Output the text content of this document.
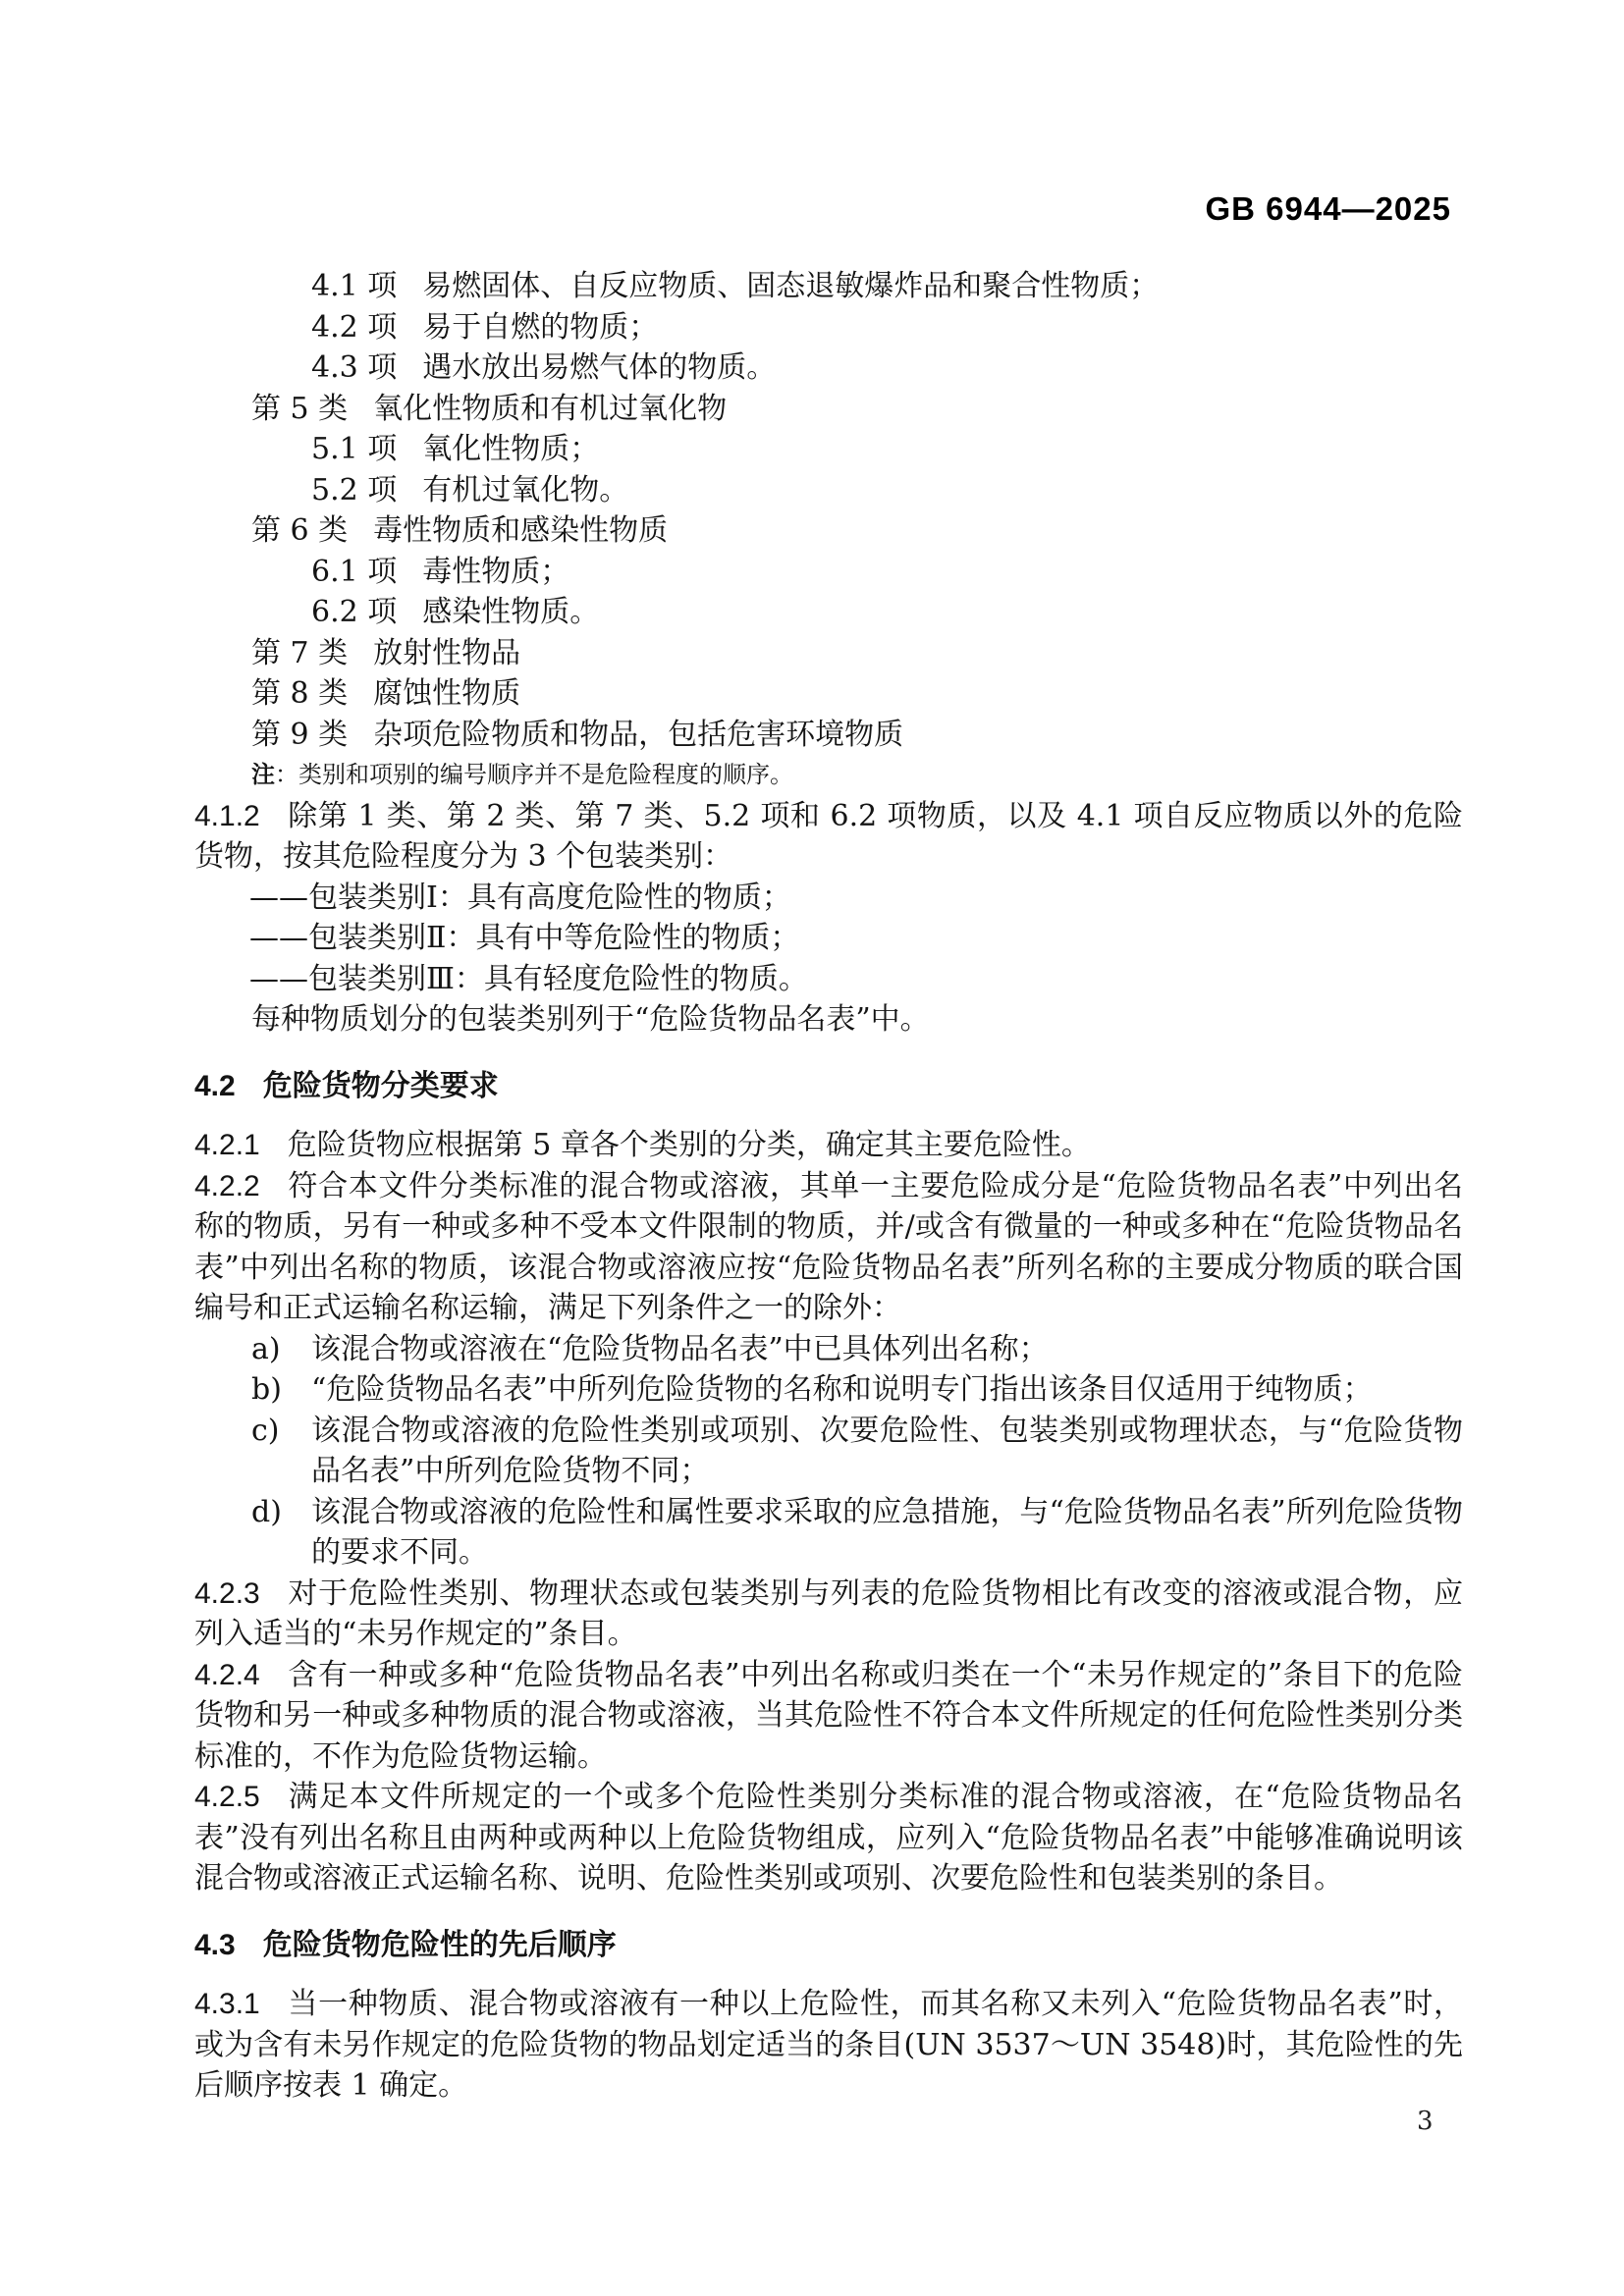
GB 6944—2025
4.1 项 易燃固体、自反应物质、固态退敏爆炸品和聚合性物质；
4.2 项 易于自燃的物质；
4.3 项 遇水放出易燃气体的物质。
第 5 类 氧化性物质和有机过氧化物
5.1 项 氧化性物质；
5.2 项 有机过氧化物。
第 6 类 毒性物质和感染性物质
6.1 项 毒性物质；
6.2 项 感染性物质。
第 7 类 放射性物品
第 8 类 腐蚀性物质
第 9 类 杂项危险物质和物品，包括危害环境物质
注：类别和项别的编号顺序并不是危险程度的顺序。
4.1.2 除第 1 类、第 2 类、第 7 类、5.2 项和 6.2 项物质，以及 4.1 项自反应物质以外的危险货物，按其危险程度分为 3 个包装类别：
——包装类别Ⅰ：具有高度危险性的物质；
——包装类别Ⅱ：具有中等危险性的物质；
——包装类别Ⅲ：具有轻度危险性的物质。
每种物质划分的包装类别列于“危险货物品名表”中。
4.2 危险货物分类要求
4.2.1 危险货物应根据第 5 章各个类别的分类，确定其主要危险性。
4.2.2 符合本文件分类标准的混合物或溶液，其单一主要危险成分是“危险货物品名表”中列出名称的物质，另有一种或多种不受本文件限制的物质，并/或含有微量的一种或多种在“危险货物品名表”中列出名称的物质，该混合物或溶液应按“危险货物品名表”所列名称的主要成分物质的联合国编号和正式运输名称运输，满足下列条件之一的除外：
a) 该混合物或溶液在“危险货物品名表”中已具体列出名称；
b) “危险货物品名表”中所列危险货物的名称和说明专门指出该条目仅适用于纯物质；
c) 该混合物或溶液的危险性类别或项别、次要危险性、包装类别或物理状态，与“危险货物品名表”中所列危险货物不同；
d) 该混合物或溶液的危险性和属性要求采取的应急措施，与“危险货物品名表”所列危险货物的要求不同。
4.2.3 对于危险性类别、物理状态或包装类别与列表的危险货物相比有改变的溶液或混合物，应列入适当的“未另作规定的”条目。
4.2.4 含有一种或多种“危险货物品名表”中列出名称或归类在一个“未另作规定的”条目下的危险货物和另一种或多种物质的混合物或溶液，当其危险性不符合本文件所规定的任何危险性类别分类标准的，不作为危险货物运输。
4.2.5 满足本文件所规定的一个或多个危险性类别分类标准的混合物或溶液，在“危险货物品名表”没有列出名称且由两种或两种以上危险货物组成，应列入“危险货物品名表”中能够准确说明该混合物或溶液正式运输名称、说明、危险性类别或项别、次要危险性和包装类别的条目。
4.3 危险货物危险性的先后顺序
4.3.1 当一种物质、混合物或溶液有一种以上危险性，而其名称又未列入“危险货物品名表”时，或为含有未另作规定的危险货物的物品划定适当的条目(UN 3537～UN 3548)时，其危险性的先后顺序按表 1 确定。
3
